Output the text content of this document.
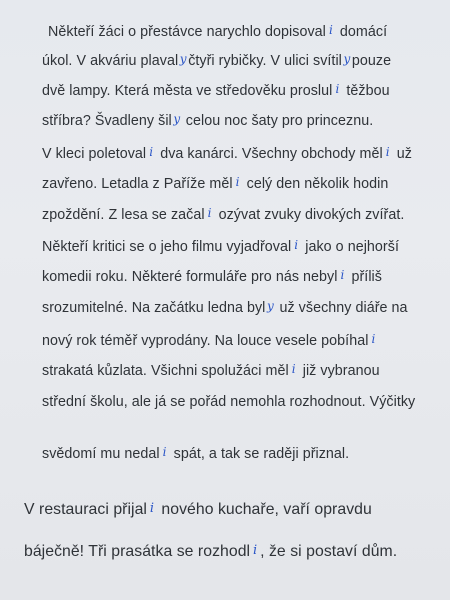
Někteří žáci o přestávce narychlo dopisoval i domácí
úkol. V akváriu plaval y čtyři rybičky. V ulici svítil y pouze
dvě lampy. Která města ve středověku proslul i těžbou
stříbra? Švadleny šil y celou noc šaty pro princeznu.
V kleci poletoval i dva kanárci. Všechny obchody měl i už
zavřeno. Letadla z Paříže měl i celý den několik hodin
zpoždění. Z lesa se začal i ozývat zvuky divokých zvířat.
Někteří kritici se o jeho filmu vyjadřoval i jako o nejhorší
komedii roku. Některé formuláře pro nás nebyl i příliš
srozumitelné. Na začátku ledna byl y už všechny diáře na
nový rok téměř vyprodány. Na louce vesele pobíhal i
strakatá kůzlata. Všichni spolužáci měl i již vybranou
střední školu, ale já se pořád nemohla rozhodnout. Výčitky
svědomí mu nedal i spát, a tak se raději přiznal.
V restauraci přijal i nového kuchaře, vaří opravdu
báječně! Tři prasátka se rozhodl i , že si postaví dům.
